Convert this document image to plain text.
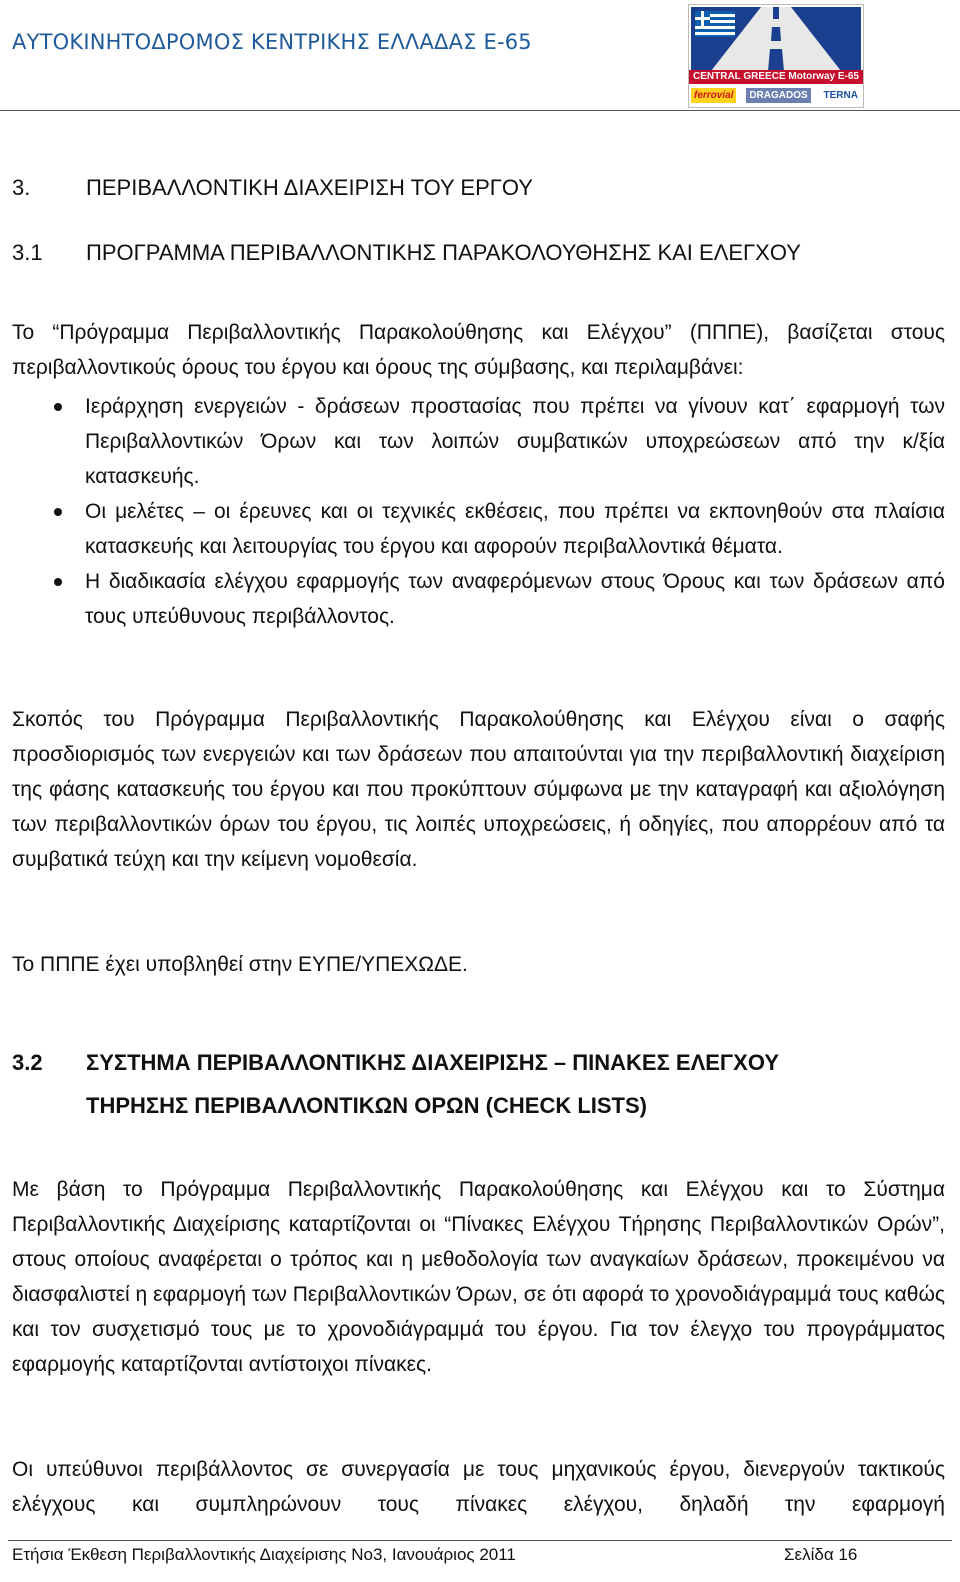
ΑΥΤΟΚΙΝΗΤΟΔΡΟΜΟΣ ΚΕΝΤΡΙΚΗΣ ΕΛΛΑΔΑΣ Ε-65
CENTRAL GREECE Motorway E-65
ferrovial	DRAGADOS	TERNA
3.	ΠΕΡΙΒΑΛΛΟΝΤΙΚΗ ΔΙΑΧΕΙΡΙΣΗ ΤΟΥ ΕΡΓΟΥ
3.1 ΠΡΟΓΡΑΜΜΑ ΠΕΡΙΒΑΛΛΟΝΤΙΚΗΣ ΠΑΡΑΚΟΛΟΥΘΗΣΗΣ ΚΑΙ ΕΛΕΓΧΟΥ
Το “Πρόγραμμα Περιβαλλοντικής Παρακολούθησης και Ελέγχου” (ΠΠΠΕ), βασίζεται στους περιβαλλοντικούς όρους του έργου και όρους της σύμβασης, και περιλαμβάνει:
Ιεράρχηση ενεργειών - δράσεων προστασίας που πρέπει να γίνουν κατ΄ εφαρμογή των Περιβαλλοντικών Όρων και των λοιπών συμβατικών υποχρεώσεων από την κ/ξία κατασκευής.
Οι μελέτες – οι έρευνες και οι τεχνικές εκθέσεις, που πρέπει να εκπονηθούν στα πλαίσια κατασκευής και λειτουργίας του έργου και αφορούν περιβαλλοντικά θέματα.
Η διαδικασία ελέγχου εφαρμογής των αναφερόμενων στους Όρους και των δράσεων από τους υπεύθυνους περιβάλλοντος.
Σκοπός του Πρόγραμμα Περιβαλλοντικής Παρακολούθησης και Ελέγχου είναι ο σαφής προσδιορισμός των ενεργειών και των δράσεων που απαιτούνται για την περιβαλλοντική διαχείριση της φάσης κατασκευής του έργου και που προκύπτουν σύμφωνα με την καταγραφή και αξιολόγηση των περιβαλλοντικών όρων του έργου, τις λοιπές υποχρεώσεις, ή οδηγίες, που απορρέουν από τα συμβατικά τεύχη και την κείμενη νομοθεσία.
Το ΠΠΠΕ έχει υποβληθεί στην ΕΥΠΕ/ΥΠΕΧΩΔΕ.
3.2 ΣΥΣΤΗΜΑ ΠΕΡΙΒΑΛΛΟΝΤΙΚΗΣ ΔΙΑΧΕΙΡΙΣΗΣ – ΠΙΝΑΚΕΣ ΕΛΕΓΧΟΥ
ΤΗΡΗΣΗΣ ΠΕΡΙΒΑΛΛΟΝΤΙΚΩΝ ΟΡΩΝ (CHECK LISTS)
Με βάση το Πρόγραμμα Περιβαλλοντικής Παρακολούθησης και Ελέγχου και το Σύστημα Περιβαλλοντικής Διαχείρισης καταρτίζονται οι “Πίνακες Ελέγχου Τήρησης Περιβαλλοντικών Ορών”, στους οποίους αναφέρεται ο τρόπος και η μεθοδολογία των αναγκαίων δράσεων, προκειμένου να διασφαλιστεί η εφαρμογή των Περιβαλλοντικών Όρων, σε ότι αφορά το χρονοδιάγραμμά τους καθώς και τον συσχετισμό τους με το χρονοδιάγραμμά του έργου. Για τον έλεγχο του προγράμματος εφαρμογής καταρτίζονται αντίστοιχοι πίνακες.
Οι υπεύθυνοι περιβάλλοντος σε συνεργασία με τους μηχανικούς έργου, διενεργούν τακτικούς ελέγχους και συμπληρώνουν τους πίνακες ελέγχου, δηλαδή την εφαρμογή
Ετήσια Έκθεση Περιβαλλοντικής Διαχείρισης Νο3, Ιανουάριος 2011	Σελίδα 16
